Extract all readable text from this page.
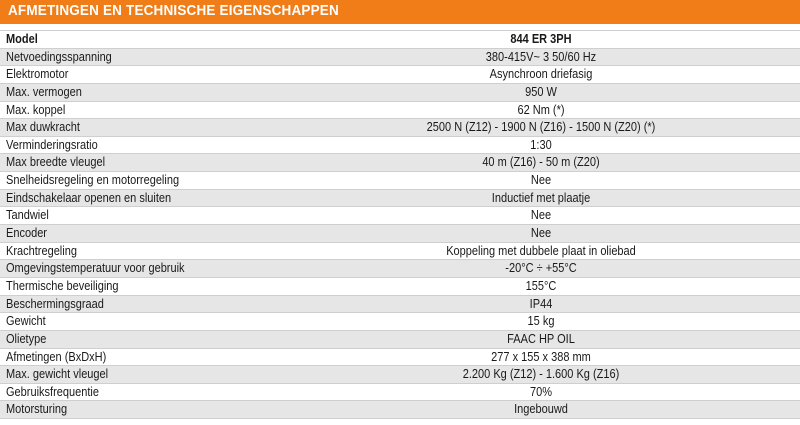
AFMETINGEN EN TECHNISCHE EIGENSCHAPPEN
Model	844 ER 3PH
Netvoedingsspanning	380-415V~ 3 50/60 Hz
Elektromotor	Asynchroon driefasig
Max. vermogen	950 W
Max. koppel	62 Nm (*)
Max duwkracht	2500 N (Z12) - 1900 N (Z16) - 1500 N (Z20) (*)
Verminderingsratio	1:30
Max breedte vleugel	40 m (Z16) - 50 m (Z20)
Snelheidsregeling en motorregeling	Nee
Eindschakelaar openen en sluiten	Inductief met plaatje
Tandwiel	Nee
Encoder	Nee
Krachtregeling	Koppeling met dubbele plaat in oliebad
Omgevingstemperatuur voor gebruik	-20°C ÷ +55°C
Thermische beveiliging	155°C
Beschermingsgraad	IP44
Gewicht	15 kg
Olietype	FAAC HP OIL
Afmetingen (BxDxH)	277 x 155 x 388 mm
Max. gewicht vleugel	2.200 Kg (Z12) - 1.600 Kg (Z16)
Gebruiksfrequentie	70%
Motorsturing	Ingebouwd
